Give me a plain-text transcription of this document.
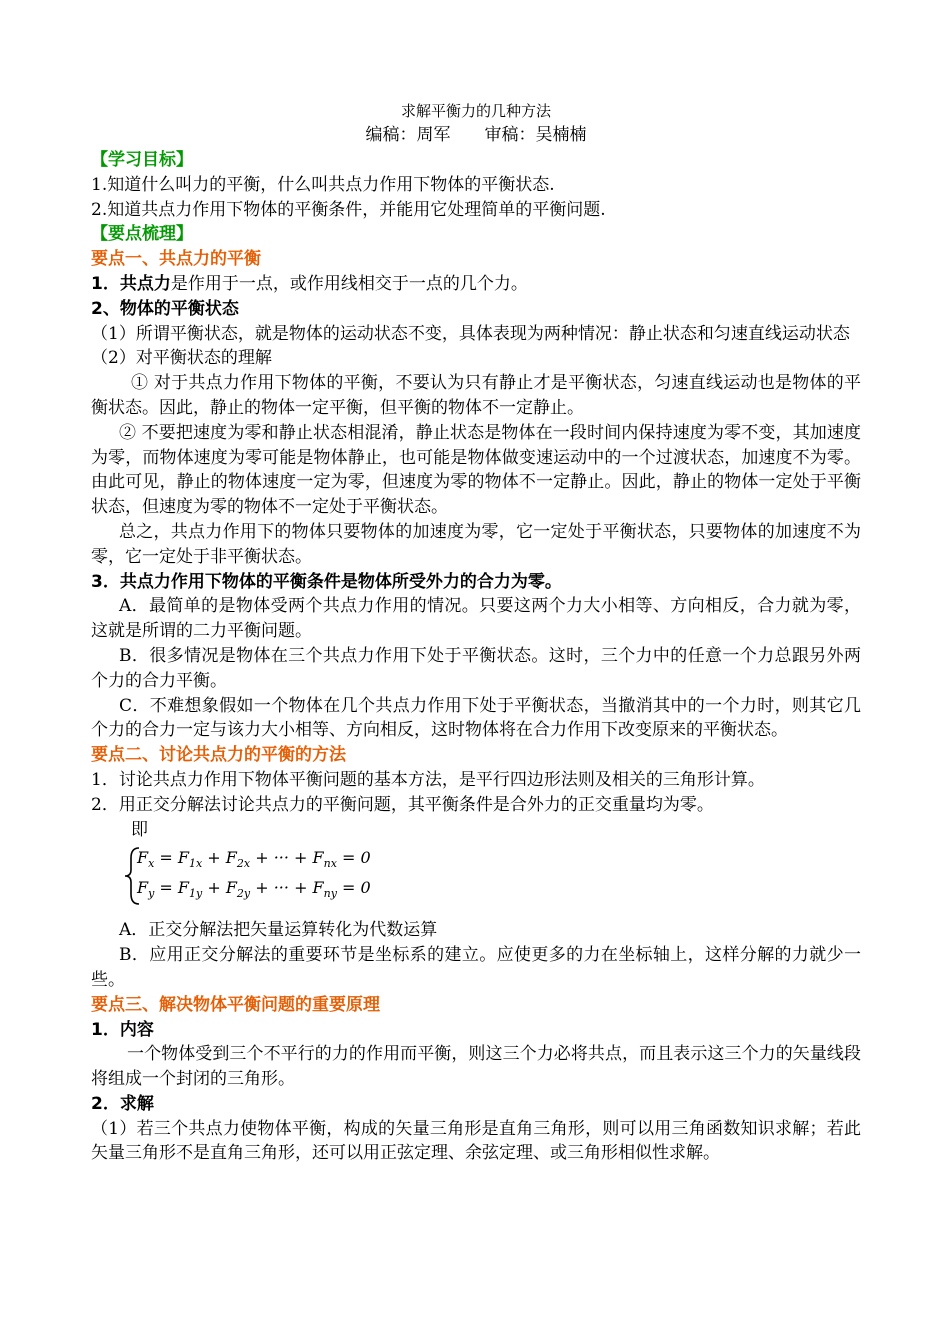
求解平衡力的几种方法
编稿：周军　　审稿：吴楠楠
【学习目标】
1.知道什么叫力的平衡，什么叫共点力作用下物体的平衡状态.
2.知道共点力作用下物体的平衡条件，并能用它处理简单的平衡问题.
【要点梳理】
要点一、共点力的平衡
1．共点力是作用于一点，或作用线相交于一点的几个力。
2、物体的平衡状态
（1）所谓平衡状态，就是物体的运动状态不变，具体表现为两种情况：静止状态和匀速直线运动状态
（2）对平衡状态的理解
① 对于共点力作用下物体的平衡，不要认为只有静止才是平衡状态，匀速直线运动也是物体的平衡状态。因此，静止的物体一定平衡，但平衡的物体不一定静止。
② 不要把速度为零和静止状态相混淆，静止状态是物体在一段时间内保持速度为零不变，其加速度为零，而物体速度为零可能是物体静止，也可能是物体做变速运动中的一个过渡状态，加速度不为零。由此可见，静止的物体速度一定为零，但速度为零的物体不一定静止。因此，静止的物体一定处于平衡状态，但速度为零的物体不一定处于平衡状态。
总之，共点力作用下的物体只要物体的加速度为零，它一定处于平衡状态，只要物体的加速度不为零，它一定处于非平衡状态。
3．共点力作用下物体的平衡条件是物体所受外力的合力为零。
A．最简单的是物体受两个共点力作用的情况。只要这两个力大小相等、方向相反，合力就为零，这就是所谓的二力平衡问题。
B．很多情况是物体在三个共点力作用下处于平衡状态。这时，三个力中的任意一个力总跟另外两个力的合力平衡。
C．不难想象假如一个物体在几个共点力作用下处于平衡状态，当撤消其中的一个力时，则其它几个力的合力一定与该力大小相等、方向相反，这时物体将在合力作用下改变原来的平衡状态。
要点二、讨论共点力的平衡的方法
1．讨论共点力作用下物体平衡问题的基本方法，是平行四边形法则及相关的三角形计算。
2．用正交分解法讨论共点力的平衡问题，其平衡条件是合外力的正交重量均为零。
即
$F_x = F_{1x} + F_{2x}$ + ··· + $F_{nx} = 0$
$F_y = F_{1y} + F_{2y}$ + ··· + $F_{ny} = 0$
A．正交分解法把矢量运算转化为代数运算
B．应用正交分解法的重要环节是坐标系的建立。应使更多的力在坐标轴上，这样分解的力就少一些。
要点三、解决物体平衡问题的重要原理
1．内容
一个物体受到三个不平行的力的作用而平衡，则这三个力必将共点，而且表示这三个力的矢量线段将组成一个封闭的三角形。
2．求解
（1）若三个共点力使物体平衡，构成的矢量三角形是直角三角形，则可以用三角函数知识求解；若此矢量三角形不是直角三角形，还可以用正弦定理、余弦定理、或三角形相似性求解。
